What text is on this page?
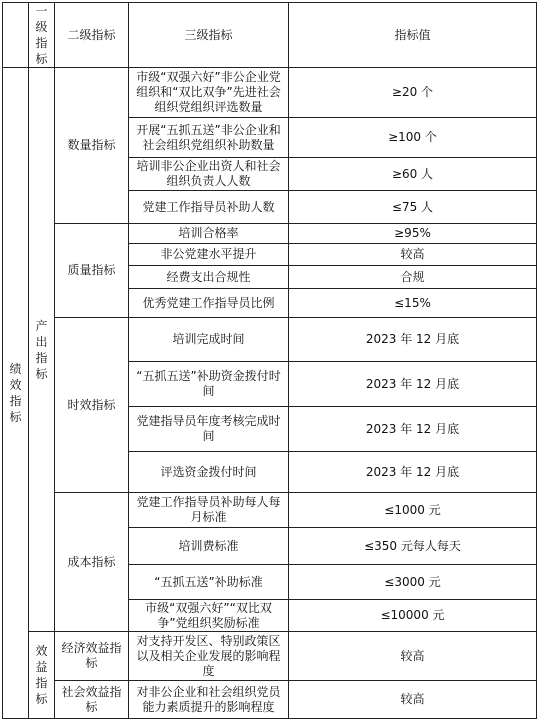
	一级指标	二级指标	三级指标	指标值
绩效指标	产出指标	数量指标	市级“双强六好”非公企业党组织和“双比双争”先进社会组织党组织评选数量	≥20 个
			开展“五抓五送”非公企业和社会组织党组织补助数量	≥100 个
			培训非公企业出资人和社会组织负责人人数	≥60 人
			党建工作指导员补助人数	≤75 人
		质量指标	培训合格率	≥95%
			非公党建水平提升	较高
			经费支出合规性	合规
			优秀党建工作指导员比例	≤15%
		时效指标	培训完成时间	2023 年 12 月底
			“五抓五送”补助资金拨付时间	2023 年 12 月底
			党建指导员年度考核完成时间	2023 年 12 月底
			评选资金拨付时间	2023 年 12 月底
		成本指标	党建工作指导员补助每人每月标准	≤1000 元
			培训费标准	≤350 元每人每天
			“五抓五送”补助标准	≤3000 元
			市级“双强六好”“双比双争”党组织奖励标准	≤10000 元
	效益指标	经济效益指标	对支持开发区、特别政策区以及相关企业发展的影响程度	较高
		社会效益指标	对非公企业和社会组织党员能力素质提升的影响程度	较高
